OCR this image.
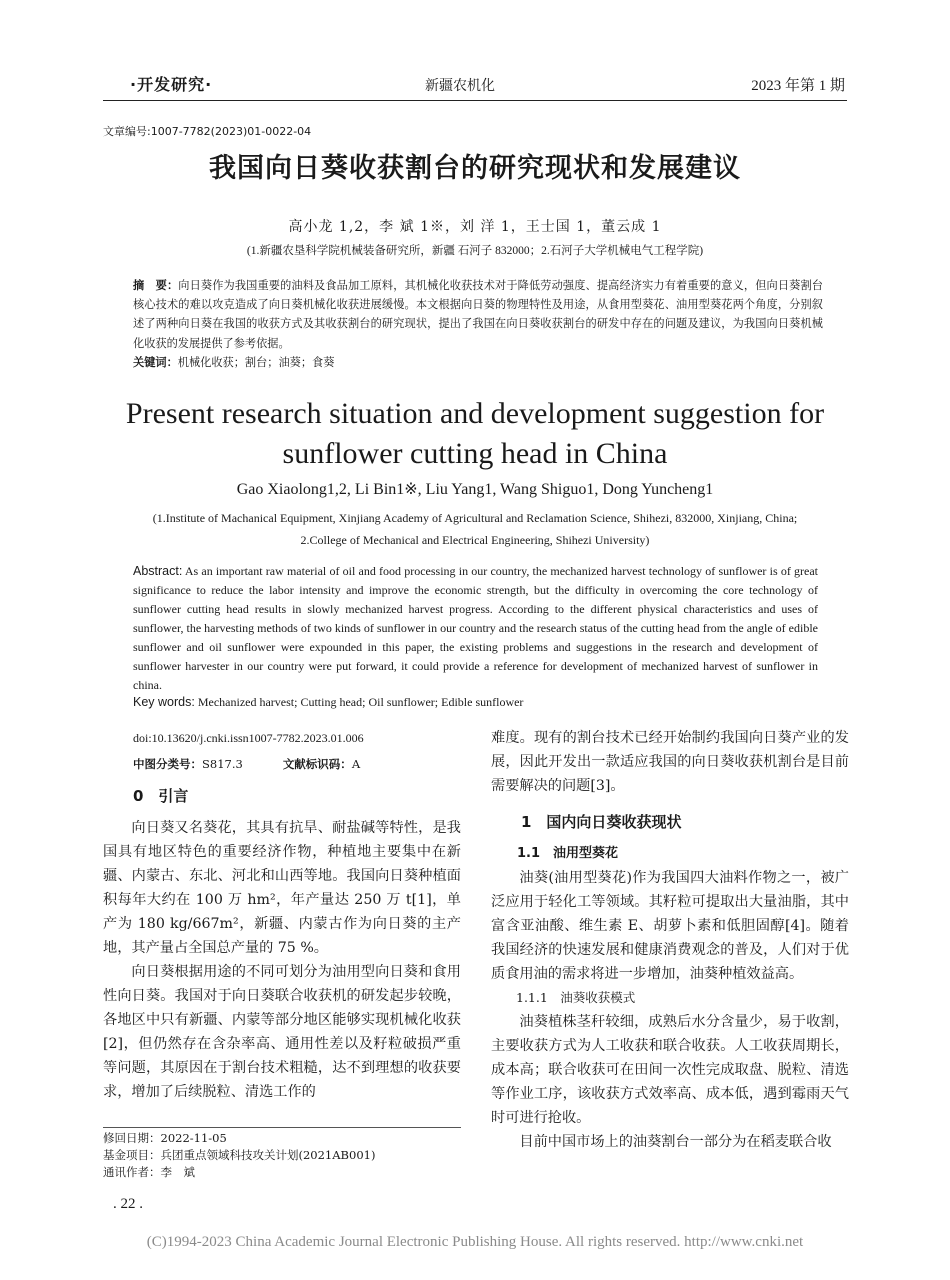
·开发研究·	新疆农机化	2023 年第 1 期
文章编号:1007-7782(2023)01-0022-04
我国向日葵收获割台的研究现状和发展建议
高小龙 1,2，李 斌 1※，刘 洋 1，王士国 1，董云成 1
(1.新疆农垦科学院机械装备研究所，新疆 石河子 832000；2.石河子大学机械电气工程学院)
摘　要：向日葵作为我国重要的油料及食品加工原料，其机械化收获技术对于降低劳动强度、提高经济实力有着重要的意义，但向日葵割台核心技术的难以攻克造成了向日葵机械化收获进展缓慢。本文根据向日葵的物理特性及用途，从食用型葵花、油用型葵花两个角度，分别叙述了两种向日葵在我国的收获方式及其收获割台的研究现状，提出了我国在向日葵收获割台的研发中存在的问题及建议，为我国向日葵机械化收获的发展提供了参考依据。
关键词：机械化收获；割台；油葵；食葵
Present research situation and development suggestion for
sunflower cutting head in China
Gao Xiaolong1,2, Li Bin1※, Liu Yang1, Wang Shiguo1, Dong Yuncheng1
(1.Institute of Machanical Equipment, Xinjiang Academy of Agricultural and Reclamation Science, Shihezi, 832000, Xinjiang, China;
2.College of Mechanical and Electrical Engineering, Shihezi University)
Abstract: As an important raw material of oil and food processing in our country, the mechanized harvest technology of sunflower is of great significance to reduce the labor intensity and improve the economic strength, but the difficulty in overcoming the core technology of sunflower cutting head results in slowly mechanized harvest progress. According to the different physical characteristics and uses of sunflower, the harvesting methods of two kinds of sunflower in our country and the research status of the cutting head from the angle of edible sunflower and oil sunflower were expounded in this paper, the existing problems and suggestions in the research and development of sunflower harvester in our country were put forward, it could provide a reference for development of mechanized harvest of sunflower in china.
Key words: Mechanized harvest; Cutting head; Oil sunflower; Edible sunflower
doi:10.13620/j.cnki.issn1007-7782.2023.01.006
中图分类号：S817.3	文献标识码：A

0　引言

向日葵又名葵花，其具有抗旱、耐盐碱等特性，是我国具有地区特色的重要经济作物，种植地主要集中在新疆、内蒙古、东北、河北和山西等地。我国向日葵种植面积每年大约在 100 万 hm²，年产量达 250 万 t[1]，单产为 180 kg/667m²，新疆、内蒙古作为向日葵的主产地，其产量占全国总产量的 75 %。

向日葵根据用途的不同可划分为油用型向日葵和食用性向日葵。我国对于向日葵联合收获机的研发起步较晚，各地区中只有新疆、内蒙等部分地区能够实现机械化收获[2]，但仍然存在含杂率高、通用性差以及籽粒破损严重等问题，其原因在于割台技术粗糙，达不到理想的收获要求，增加了后续脱粒、清选工作的

难度。现有的割台技术已经开始制约我国向日葵产业的发展，因此开发出一款适应我国的向日葵收获机割台是目前需要解决的问题[3]。

1　国内向日葵收获现状

1.1　油用型葵花

油葵(油用型葵花)作为我国四大油料作物之一，被广泛应用于轻化工等领域。其籽粒可提取出大量油脂，其中富含亚油酸、维生素 E、胡萝卜素和低胆固醇[4]。随着我国经济的快速发展和健康消费观念的普及，人们对于优质食用油的需求将进一步增加，油葵种植效益高。

1.1.1　油葵收获模式

油葵植株茎秆较细，成熟后水分含量少，易于收割，主要收获方式为人工收获和联合收获。人工收获周期长，成本高；联合收获可在田间一次性完成取盘、脱粒、清选等作业工序，该收获方式效率高、成本低，遇到霉雨天气时可进行抢收。

目前中国市场上的油葵割台一部分为在稻麦联合收

修回日期：2022-11-05
基金项目：兵团重点领域科技攻关计划(2021AB001)
通讯作者：李　斌
. 22 .
(C)1994-2023 China Academic Journal Electronic Publishing House. All rights reserved. http://www.cnki.net
